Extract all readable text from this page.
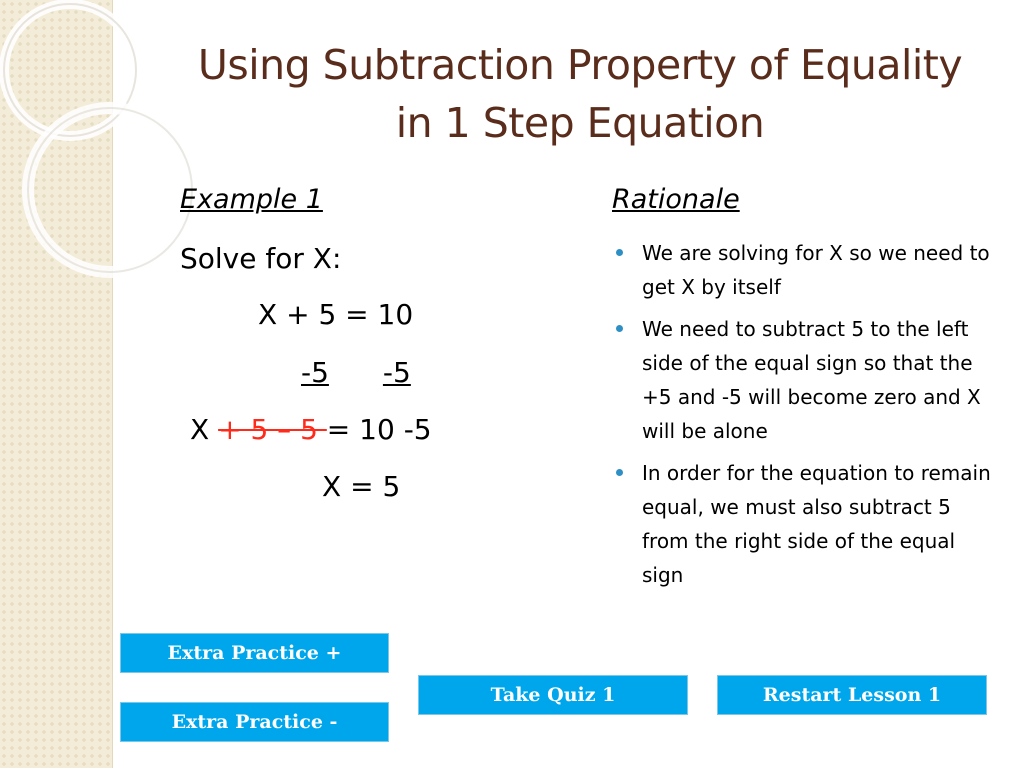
Using Subtraction Property of Equality in 1 Step Equation
Example 1
Solve for X:
X + 5 = 10
-5 -5
X + 5 – 5 = 10 -5
X = 5
Rationale
We are solving for X so we need to get X by itself
We need to subtract 5 to the left side of the equal sign so that the +5 and -5 will become zero and X will be alone
In order for the equation to remain equal, we must also subtract 5 from the right side of the equal sign
Extra Practice +
Extra Practice -
Take Quiz 1	Restart Lesson 1
